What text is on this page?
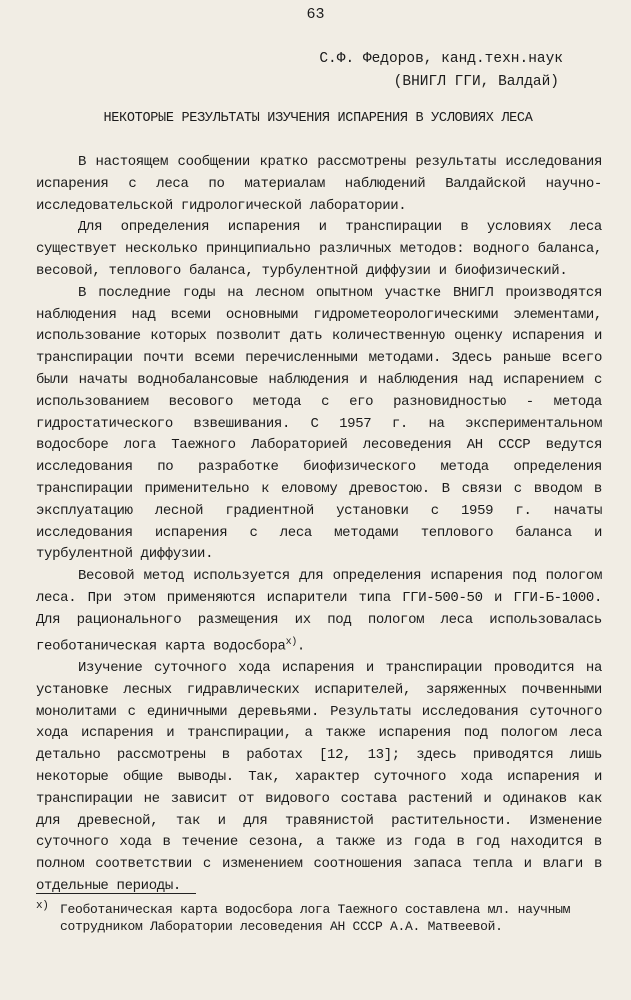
63
С.Ф. Федоров, канд.техн.наук
(ВНИГЛ ГГИ, Валдай)
НЕКОТОРЫЕ РЕЗУЛЬТАТЫ ИЗУЧЕНИЯ ИСПАРЕНИЯ В УСЛОВИЯХ ЛЕСА

В настоящем сообщении кратко рассмотрены результаты исследования испарения с леса по материалам наблюдений Валдайской научно-исследовательской гидрологической лаборатории.

Для определения испарения и транспирации в условиях леса существует несколько принципиально различных методов: водного баланса, весовой, теплового баланса, турбулентной диффузии и биофизический.

В последние годы на лесном опытном участке ВНИГЛ производятся наблюдения над всеми основными гидрометеорологическими элементами, использование которых позволит дать количественную оценку испарения и транспирации почти всеми перечисленными методами. Здесь раньше всего были начаты воднобалансовые наблюдения и наблюдения над испарением с использованием весового метода с его разновидностью - метода гидростатического взвешивания. С 1957 г. на экспериментальном водосборе лога Таежного Лабораторией лесоведения АН СССР ведутся исследования по разработке биофизического метода определения транспирации применительно к еловому древостою. В связи с вводом в эксплуатацию лесной градиентной установки с 1959 г. начаты исследования испарения с леса методами теплового баланса и турбулентной диффузии.

Весовой метод используется для определения испарения под пологом леса. При этом применяются испарители типа ГГИ-500-50 и ГГИ-Б-1000. Для рационального размещения их под пологом леса использовалась геоботаническая карта водосбора$^{x)}$.

Изучение суточного хода испарения и транспирации проводится на установке лесных гидравлических испарителей, заряженных почвенными монолитами с единичными деревьями. Результаты исследования суточного хода испарения и транспирации, а также испарения под пологом леса детально рассмотрены в работах [12, 13]; здесь приводятся лишь некоторые общие выводы. Так, характер суточного хода испарения и транспирации не зависит от видового состава растений и одинаков как для древесной, так и для травянистой растительности. Изменение суточного хода в течение сезона, а также из года в год находится в полном соответствии с изменением соотношения запаса тепла и влаги в отдельные периоды.

x) Геоботаническая карта водосбора лога Таежного составлена мл. научным сотрудником Лаборатории лесоведения АН СССР А.А. Матвеевой.
